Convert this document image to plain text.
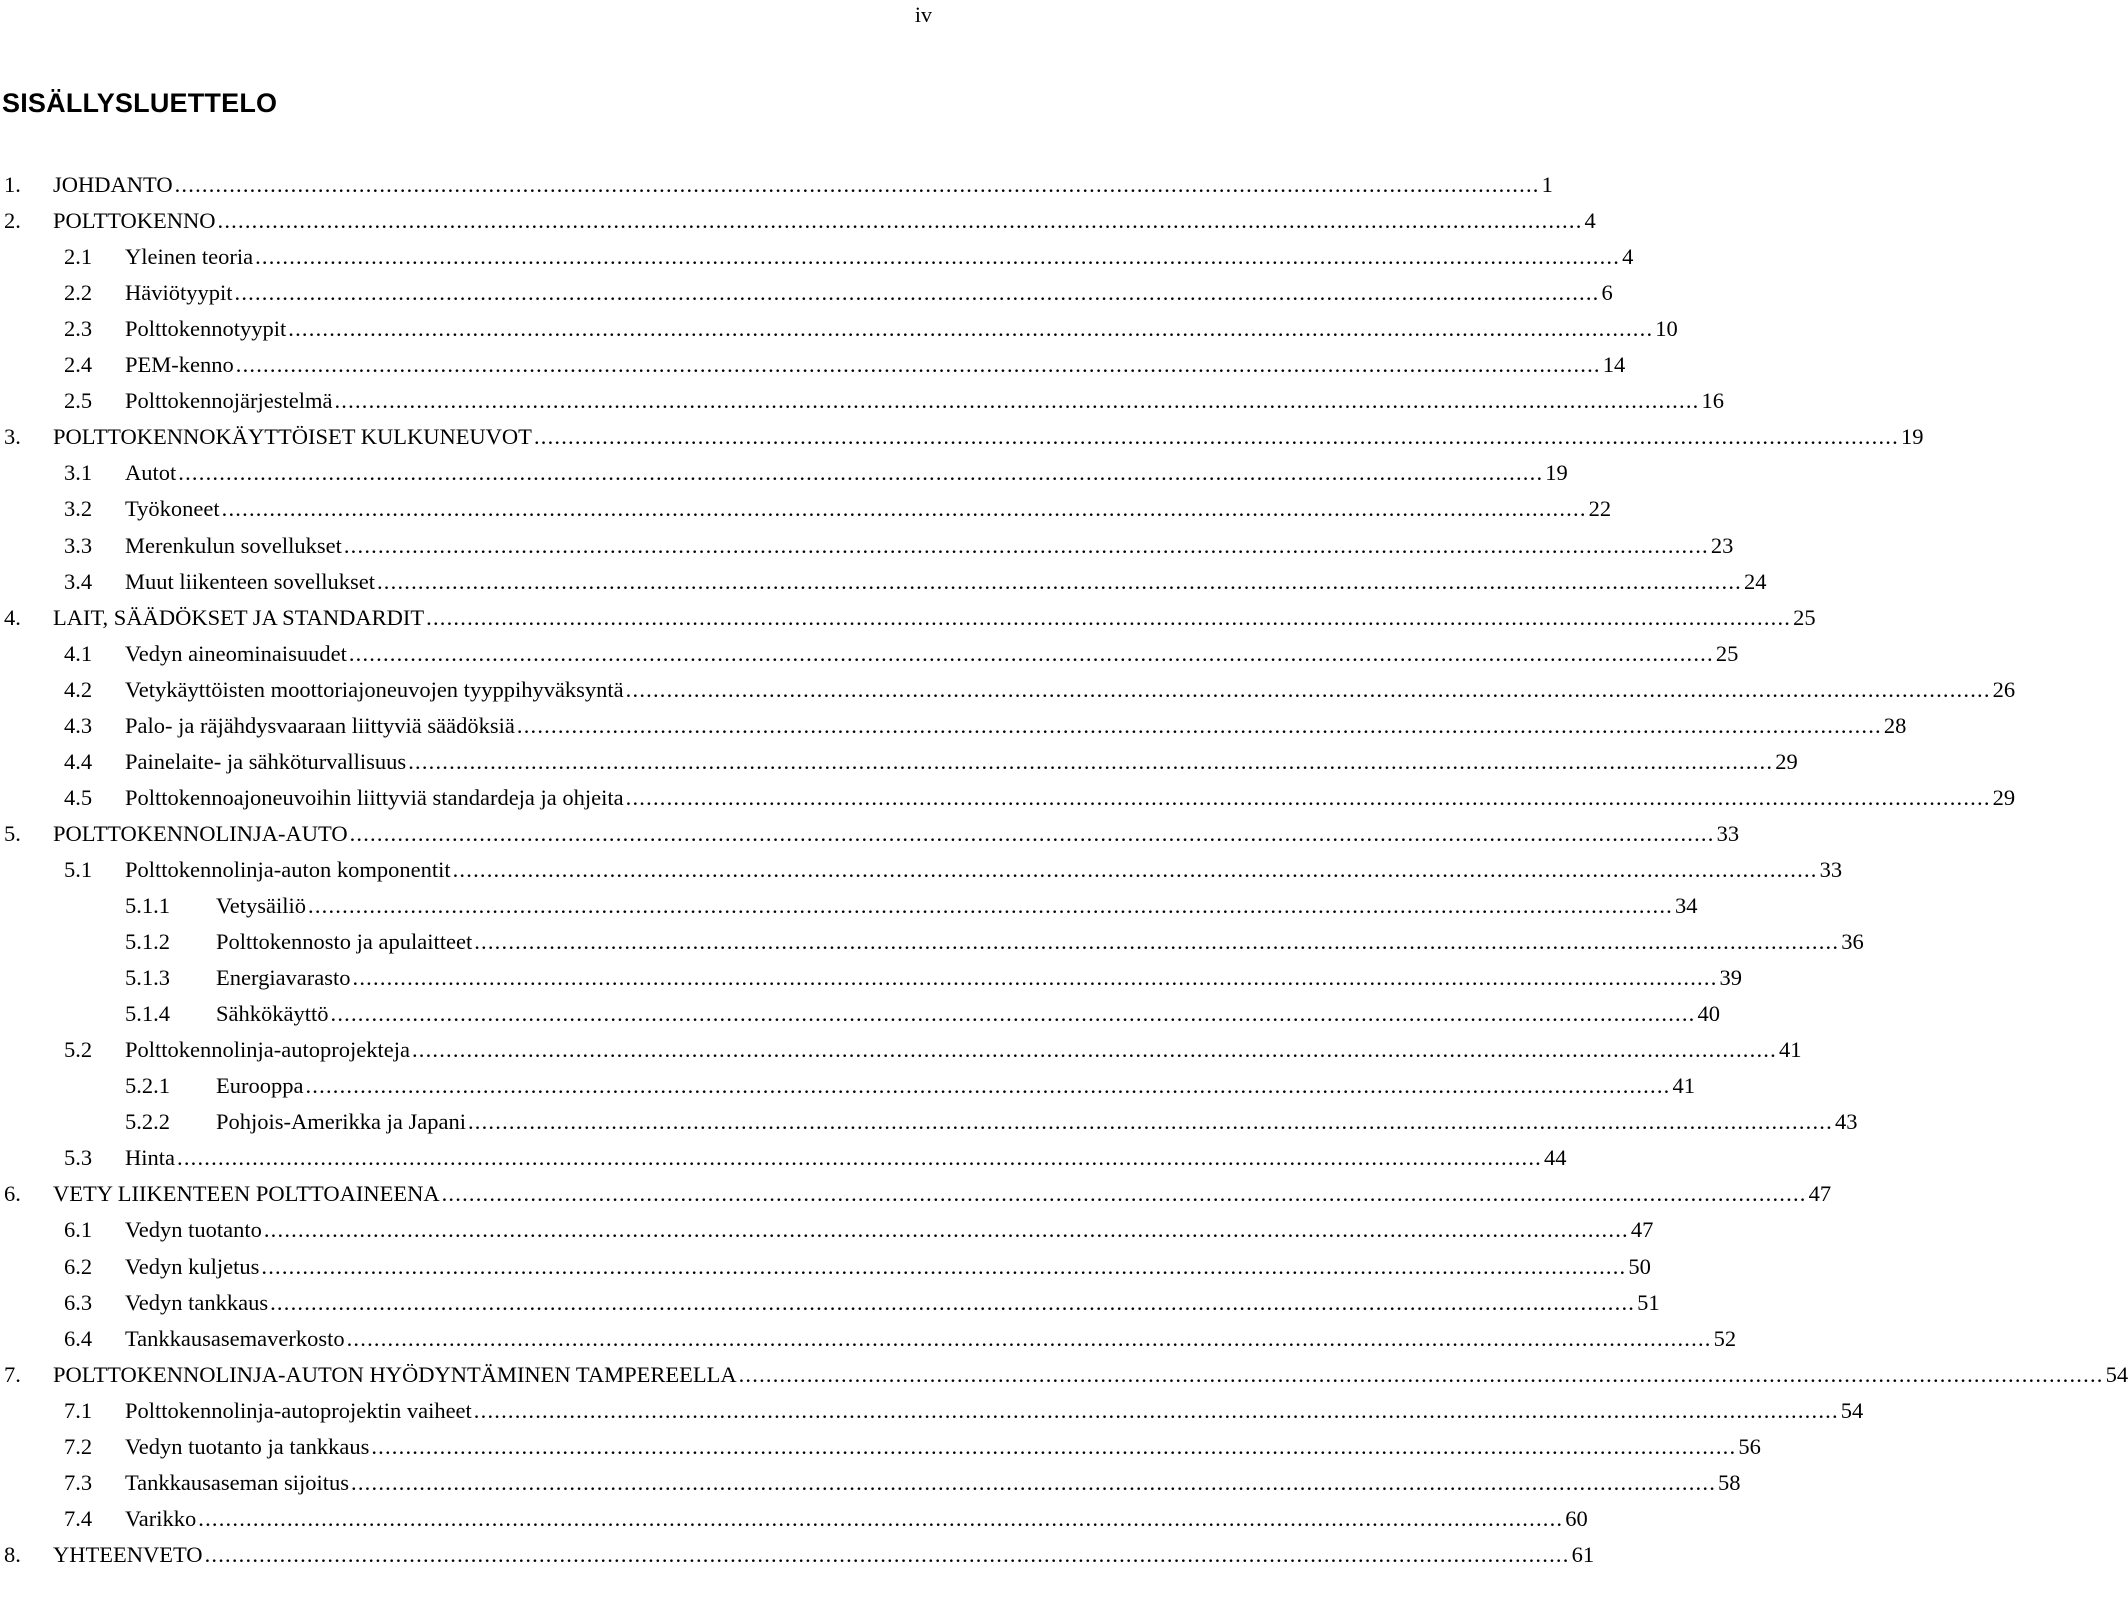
iv
SISÄLLYSLUETTELO
1. JOHDANTO ........................................................................................................................................................................................................ 1
2. POLTTOKENNO ........................................................................................................................................................................................................ 4
2.1 Yleinen teoria ........................................................................................................................................................................................................ 4
2.2 Häviötyypit ........................................................................................................................................................................................................ 6
2.3 Polttokennotyypit ........................................................................................................................................................................................................ 10
2.4 PEM-kenno ........................................................................................................................................................................................................ 14
2.5 Polttokennojärjestelmä ........................................................................................................................................................................................................ 16
3. POLTTOKENNOKÄYTTÖISET KULKUNEUVOT ........................................................................................................................................................................................................ 19
3.1 Autot ........................................................................................................................................................................................................ 19
3.2 Työkoneet ........................................................................................................................................................................................................ 22
3.3 Merenkulun sovellukset ........................................................................................................................................................................................................ 23
3.4 Muut liikenteen sovellukset ........................................................................................................................................................................................................ 24
4. LAIT, SÄÄDÖKSET JA STANDARDIT ........................................................................................................................................................................................................ 25
4.1 Vedyn aineominaisuudet ........................................................................................................................................................................................................ 25
4.2 Vetykäyttöisten moottoriajoneuvojen tyyppihyväksyntä ........................................................................................................................................................................................................ 26
4.3 Palo- ja räjähdysvaaraan liittyviä säädöksiä ........................................................................................................................................................................................................ 28
4.4 Painelaite- ja sähköturvallisuus ........................................................................................................................................................................................................ 29
4.5 Polttokennoajoneuvoihin liittyviä standardeja ja ohjeita ........................................................................................................................................................................................................ 29
5. POLTTOKENNOLINJA-AUTO ........................................................................................................................................................................................................ 33
5.1 Polttokennolinja-auton komponentit ........................................................................................................................................................................................................ 33
5.1.1 Vetysäiliö ........................................................................................................................................................................................................ 34
5.1.2 Polttokennosto ja apulaitteet ........................................................................................................................................................................................................ 36
5.1.3 Energiavarasto ........................................................................................................................................................................................................ 39
5.1.4 Sähkökäyttö ........................................................................................................................................................................................................ 40
5.2 Polttokennolinja-autoprojekteja ........................................................................................................................................................................................................ 41
5.2.1 Eurooppa ........................................................................................................................................................................................................ 41
5.2.2 Pohjois-Amerikka ja Japani ........................................................................................................................................................................................................ 43
5.3 Hinta ........................................................................................................................................................................................................ 44
6. VETY LIIKENTEEN POLTTOAINEENA ........................................................................................................................................................................................................ 47
6.1 Vedyn tuotanto ........................................................................................................................................................................................................ 47
6.2 Vedyn kuljetus ........................................................................................................................................................................................................ 50
6.3 Vedyn tankkaus ........................................................................................................................................................................................................ 51
6.4 Tankkausasemaverkosto ........................................................................................................................................................................................................ 52
7. POLTTOKENNOLINJA-AUTON HYÖDYNTÄMINEN TAMPEREELLA ........................................................................................................................................................................................................ 54
7.1 Polttokennolinja-autoprojektin vaiheet ........................................................................................................................................................................................................ 54
7.2 Vedyn tuotanto ja tankkaus ........................................................................................................................................................................................................ 56
7.3 Tankkausaseman sijoitus ........................................................................................................................................................................................................ 58
7.4 Varikko ........................................................................................................................................................................................................ 60
8. YHTEENVETO ........................................................................................................................................................................................................ 61
